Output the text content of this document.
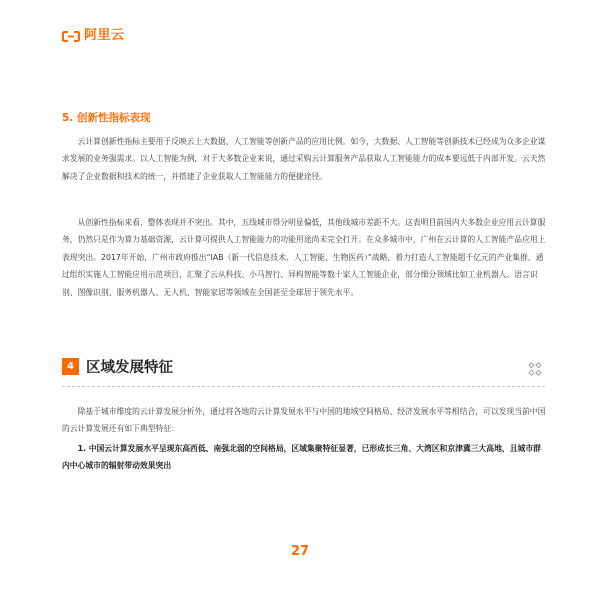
阿里云
5. 创新性指标表现

云计算创新性指标主要用于反映云上大数据、人工智能等创新产品的应用比例。如今，大数据、人工智能等创新技术已经成为众多企业谋求发展的业务强需求。以人工智能为例，对于大多数企业来说，通过采购云计算服务产品获取人工智能能力的成本要远低于内部开发。云天然解决了企业数据和技术的统一，并搭建了企业获取人工智能能力的便捷途径。

从创新性指标来看，整体表现并不突出。其中，五线城市得分明显偏低，其他线城市差距不大。这表明目前国内大多数企业应用云计算服务，仍然只是作为算力基础资源，云计算可提供人工智能能力的功能用途尚未完全打开。在众多城市中，广州在云计算的人工智能产品应用上表现突出。2017年开始，广州市政府推出“IAB（新一代信息技术、人工智能、生物医药）”战略，着力打造人工智能超千亿元的产业集群，通过组织实施人工智能应用示范项目，汇聚了云从科技、小马智行、异构智能等数十家人工智能企业，部分细分领域比如工业机器人、语言识别、图像识别、服务机器人、无人机、智能家居等领域在全国甚至全球居于领先水平。

4 区域发展特征

除基于城市维度的云计算发展分析外，通过将各地的云计算发展水平与中国的地域空间格局、经济发展水平等相结合，可以发现当前中国的云计算发展还有如下典型特征：

1. 中国云计算发展水平呈现东高西低、南强北弱的空间格局，区域集聚特征显著，已形成长三角、大湾区和京津冀三大高地，且城市群内中心城市的辐射带动效果突出

27
